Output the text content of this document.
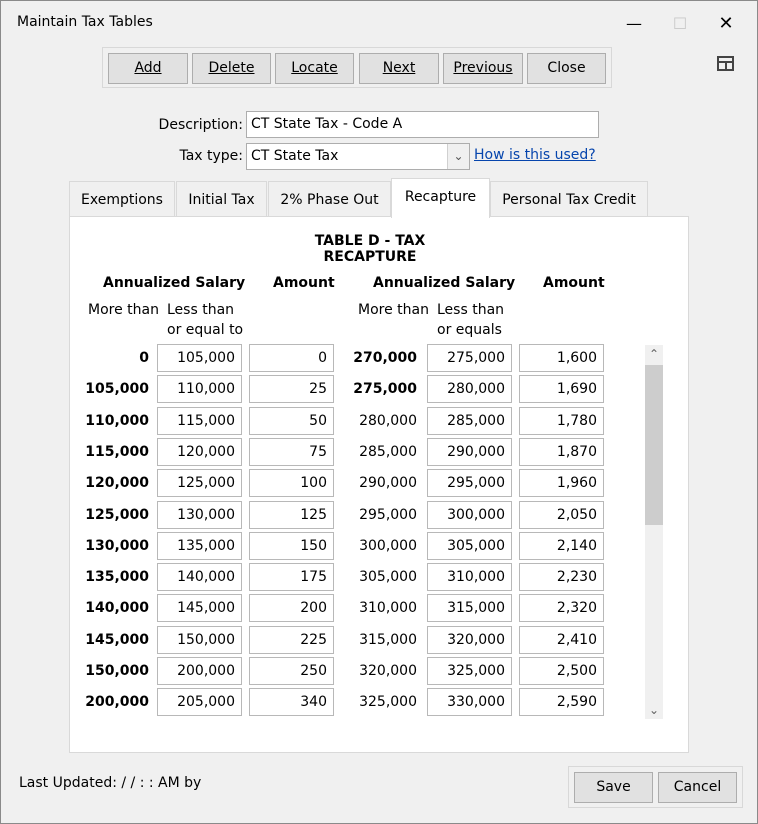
Maintain Tax Tables	—	☐	✕
Add	Delete	Locate	Next	Previous	Close
Description: CT State Tax - Code A
Tax type: CT State Tax	⌄ How is this used?
Exemptions	Initial Tax	2% Phase Out	Recapture	Personal Tax Credit
TABLE D - TAX RECAPTURE
Annualized Salary Amount	Annualized Salary Amount
More than Less than
or equal to
More than Less than
or equals
0	105,000	0	270,000	275,000	1,600
105,000	110,000	25	275,000	280,000	1,690
110,000	115,000	50	280,000	285,000	1,780
115,000	120,000	75	285,000	290,000	1,870
120,000	125,000	100	290,000	295,000	1,960
125,000	130,000	125	295,000	300,000	2,050
130,000	135,000	150	300,000	305,000	2,140
135,000	140,000	175	305,000	310,000	2,230
140,000	145,000	200	310,000	315,000	2,320
145,000	150,000	225	315,000	320,000	2,410
150,000	200,000	250	320,000	325,000	2,500
200,000	205,000	340	325,000	330,000	2,590
⌃
⌄
Last Updated: / / : : AM by	Save	Cancel
